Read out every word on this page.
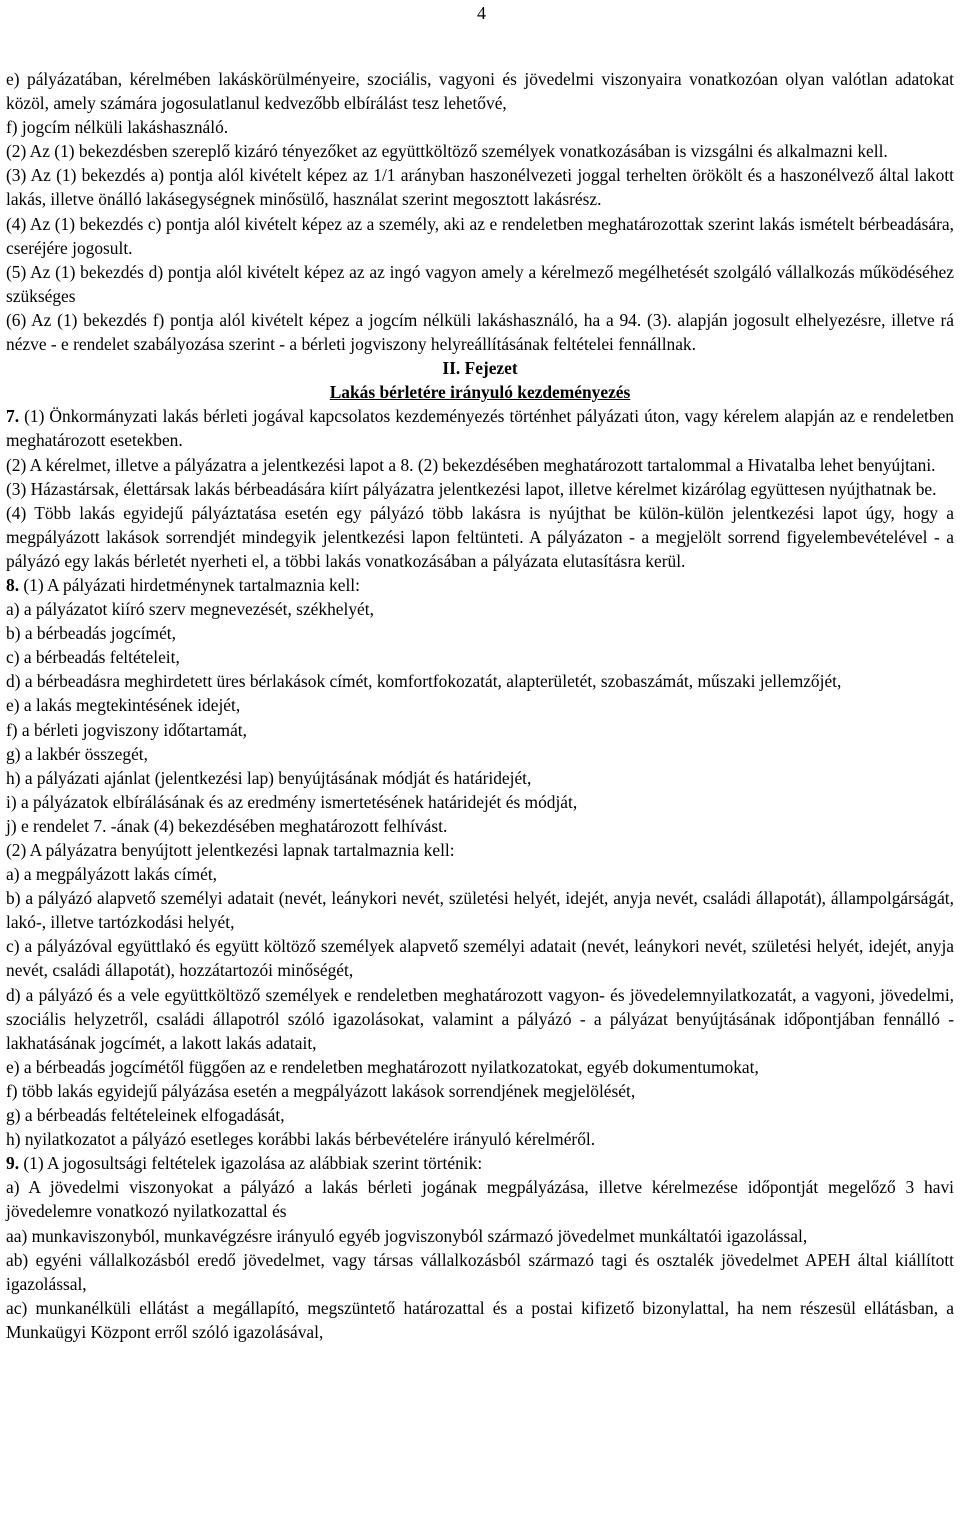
4

e) pályázatában, kérelmében lakáskörülményeire, szociális, vagyoni és jövedelmi viszonyaira vonatkozóan olyan valótlan adatokat közöl, amely számára jogosulatlanul kedvezőbb elbírálást tesz lehetővé,

f) jogcím nélküli lakáshasználó.

(2) Az (1) bekezdésben szereplő kizáró tényezőket az együttköltöző személyek vonatkozásában is vizsgálni és alkalmazni kell.

(3) Az (1) bekezdés a) pontja alól kivételt képez az 1/1 arányban haszonélvezeti joggal terhelten örökölt és a haszonélvező által lakott lakás, illetve önálló lakásegységnek minősülő, használat szerint megosztott lakásrész.

(4) Az (1) bekezdés c) pontja alól kivételt képez az a személy, aki az e rendeletben meghatározottak szerint lakás ismételt bérbeadására, cseréjére jogosult.

(5) Az (1) bekezdés d) pontja alól kivételt képez az az ingó vagyon amely a kérelmező megélhetését szolgáló vállalkozás működéséhez szükséges

(6) Az (1) bekezdés f) pontja alól kivételt képez a jogcím nélküli lakáshasználó, ha a 94. (3). alapján jogosult elhelyezésre, illetve rá nézve - e rendelet szabályozása szerint - a bérleti jogviszony helyreállításának feltételei fennállnak.

II. Fejezet

Lakás bérletére irányuló kezdeményezés

7. (1) Önkormányzati lakás bérleti jogával kapcsolatos kezdeményezés történhet pályázati úton, vagy kérelem alapján az e rendeletben meghatározott esetekben.

(2) A kérelmet, illetve a pályázatra a jelentkezési lapot a 8. (2) bekezdésében meghatározott tartalommal a Hivatalba lehet benyújtani.

(3) Házastársak, élettársak lakás bérbeadására kiírt pályázatra jelentkezési lapot, illetve kérelmet kizárólag együttesen nyújthatnak be.

(4) Több lakás egyidejű pályáztatása esetén egy pályázó több lakásra is nyújthat be külön-külön jelentkezési lapot úgy, hogy a megpályázott lakások sorrendjét mindegyik jelentkezési lapon feltünteti. A pályázaton - a megjelölt sorrend figyelembevételével - a pályázó egy lakás bérletét nyerheti el, a többi lakás vonatkozásában a pályázata elutasításra kerül.

8. (1) A pályázati hirdetménynek tartalmaznia kell:

a) a pályázatot kiíró szerv megnevezését, székhelyét,

b) a bérbeadás jogcímét,

c) a bérbeadás feltételeit,

d) a bérbeadásra meghirdetett üres bérlakások címét, komfortfokozatát, alapterületét, szobaszámát, műszaki jellemzőjét,

e) a lakás megtekintésének idejét,

f) a bérleti jogviszony időtartamát,

g) a lakbér összegét,

h) a pályázati ajánlat (jelentkezési lap) benyújtásának módját és határidejét,

i) a pályázatok elbírálásának és az eredmény ismertetésének határidejét és módját,

j) e rendelet 7. -ának (4) bekezdésében meghatározott felhívást.

(2) A pályázatra benyújtott jelentkezési lapnak tartalmaznia kell:

a) a megpályázott lakás címét,

b) a pályázó alapvető személyi adatait (nevét, leánykori nevét, születési helyét, idejét, anyja nevét, családi állapotát), állampolgárságát, lakó-, illetve tartózkodási helyét,

c) a pályázóval együttlakó és együtt költöző személyek alapvető személyi adatait (nevét, leánykori nevét, születési helyét, idejét, anyja nevét, családi állapotát), hozzátartozói minőségét,

d) a pályázó és a vele együttköltöző személyek e rendeletben meghatározott vagyon- és jövedelemnyilatkozatát, a vagyoni, jövedelmi, szociális helyzetről, családi állapotról szóló igazolásokat, valamint a pályázó - a pályázat benyújtásának időpontjában fennálló - lakhatásának jogcímét, a lakott lakás adatait,

e) a bérbeadás jogcímétől függően az e rendeletben meghatározott nyilatkozatokat, egyéb dokumentumokat,

f) több lakás egyidejű pályázása esetén a megpályázott lakások sorrendjének megjelölését,

g) a bérbeadás feltételeinek elfogadását,

h) nyilatkozatot a pályázó esetleges korábbi lakás bérbevételére irányuló kérelméről.

9. (1) A jogosultsági feltételek igazolása az alábbiak szerint történik:

a) A jövedelmi viszonyokat a pályázó a lakás bérleti jogának megpályázása, illetve kérelmezése időpontját megelőző 3 havi jövedelemre vonatkozó nyilatkozattal és

aa) munkaviszonyból, munkavégzésre irányuló egyéb jogviszonyból származó jövedelmet munkáltatói igazolással,

ab) egyéni vállalkozásból eredő jövedelmet, vagy társas vállalkozásból származó tagi és osztalék jövedelmet APEH által kiállított igazolással,

ac) munkanélküli ellátást a megállapító, megszüntető határozattal és a postai kifizető bizonylattal, ha nem részesül ellátásban, a Munkaügyi Központ erről szóló igazolásával,
